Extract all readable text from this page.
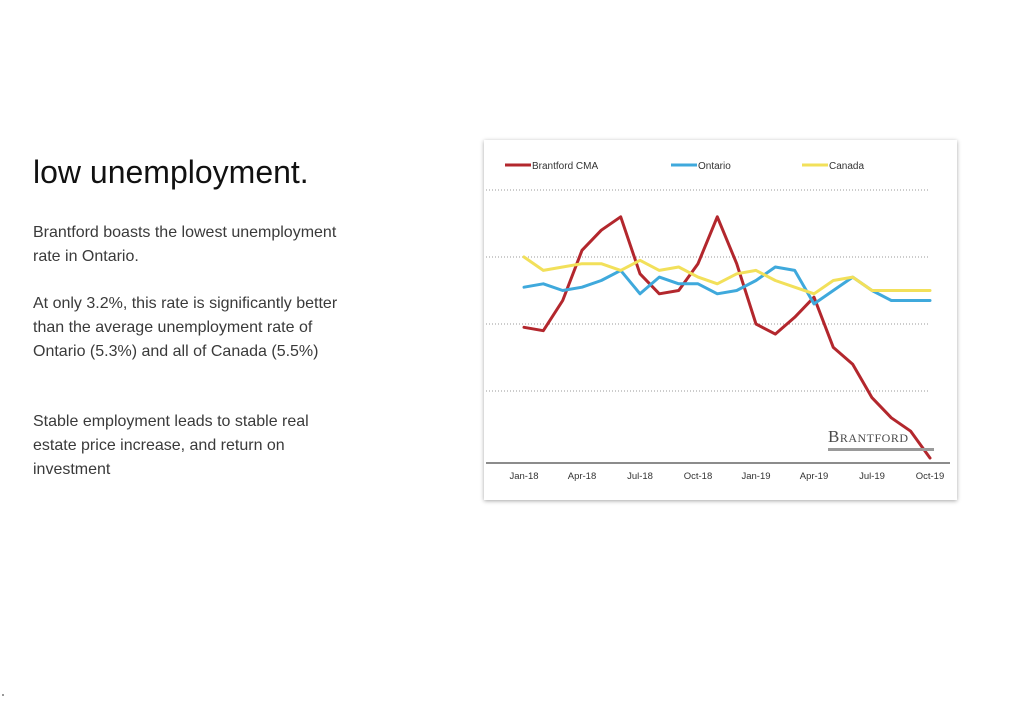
low unemployment.

Brantford boasts the lowest unemployment rate in Ontario.

At only 3.2%, this rate is significantly better than the average unemployment rate of Ontario (5.3%) and all of Canada (5.5%)

Stable employment leads to stable real estate price increase, and return on investment	Jan-18	Apr-18	Jul-18	Oct-18	Jan-19	Apr-19	Jul-19	Oct-19
Brantford CMA	Ontario	Canada
Brantford
